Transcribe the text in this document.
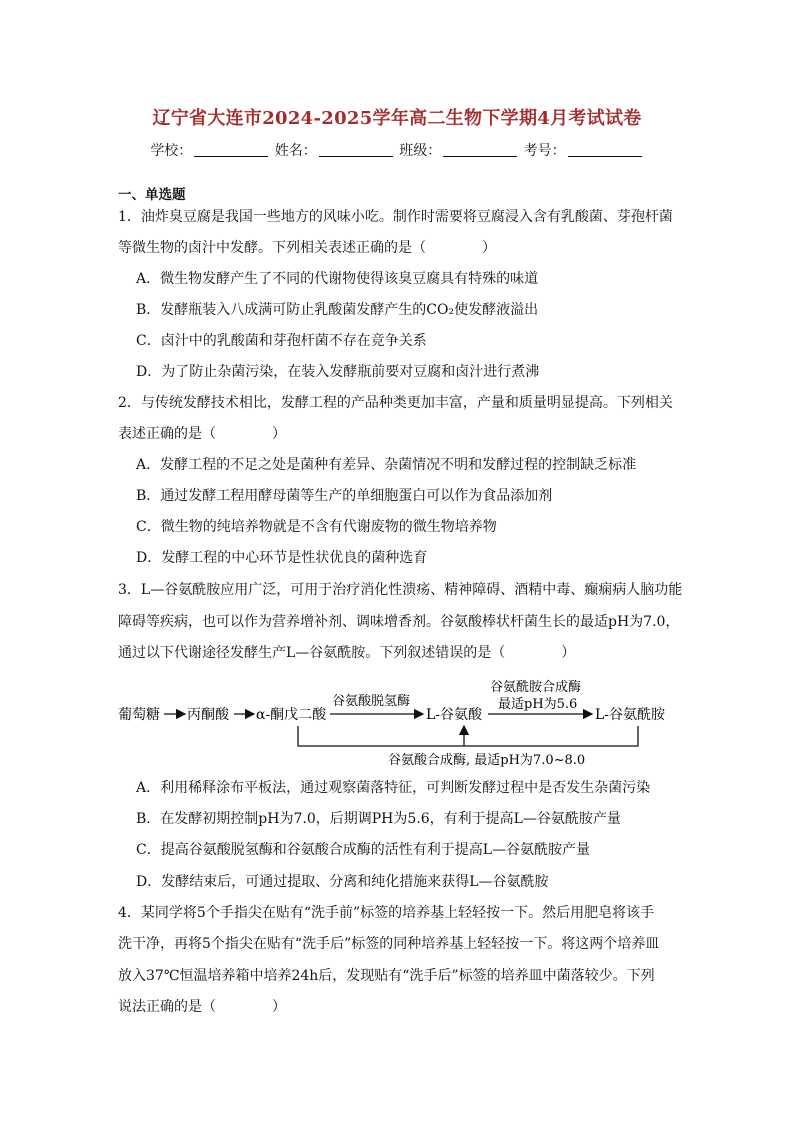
辽宁省大连市2024-2025学年高二生物下学期4月考试试卷
学校：	姓名：	班级：	考号：
一、单选题
1．油炸臭豆腐是我国一些地方的风味小吃。制作时需要将豆腐浸入含有乳酸菌、芽孢杆菌
等微生物的卤汁中发酵。下列相关表述正确的是（　　　　）
A．微生物发酵产生了不同的代谢物使得该臭豆腐具有特殊的味道
B．发酵瓶装入八成满可防止乳酸菌发酵产生的CO₂使发酵液溢出
C．卤汁中的乳酸菌和芽孢杆菌不存在竞争关系
D．为了防止杂菌污染，在装入发酵瓶前要对豆腐和卤汁进行煮沸
2．与传统发酵技术相比，发酵工程的产品种类更加丰富，产量和质量明显提高。下列相关
表述正确的是（　　　　）
A．发酵工程的不足之处是菌种有差异、杂菌情况不明和发酵过程的控制缺乏标准
B．通过发酵工程用酵母菌等生产的单细胞蛋白可以作为食品添加剂
C．微生物的纯培养物就是不含有代谢废物的微生物培养物
D．发酵工程的中心环节是性状优良的菌种选育
3．L—谷氨酰胺应用广泛，可用于治疗消化性溃疡、精神障碍、酒精中毒、癫痫病人脑功能
障碍等疾病，也可以作为营养增补剂、调味增香剂。谷氨酸棒状杆菌生长的最适pH为7.0，
通过以下代谢途径发酵生产L—谷氨酰胺。下列叙述错误的是（　　　　）
葡萄糖 丙酮酸 α-酮戊二酸
谷氨酸脱氢酶
L-谷氨酸
谷氨酰胺合成酶
最适pH为5.6
L-谷氨酰胺
谷氨酸合成酶, 最适pH为7.0~8.0
A．利用稀释涂布平板法，通过观察菌落特征，可判断发酵过程中是否发生杂菌污染
B．在发酵初期控制pH为7.0，后期调PH为5.6，有利于提高L—谷氨酰胺产量
C．提高谷氨酸脱氢酶和谷氨酸合成酶的活性有利于提高L—谷氨酰胺产量
D．发酵结束后，可通过提取、分离和纯化措施来获得L—谷氨酰胺
4．某同学将5个手指尖在贴有“洗手前”标签的培养基上轻轻按一下。然后用肥皂将该手
洗干净，再将5个指尖在贴有“洗手后”标签的同种培养基上轻轻按一下。将这两个培养皿
放入37℃恒温培养箱中培养24h后，发现贴有“洗手后”标签的培养皿中菌落较少。下列
说法正确的是（　　　　）
